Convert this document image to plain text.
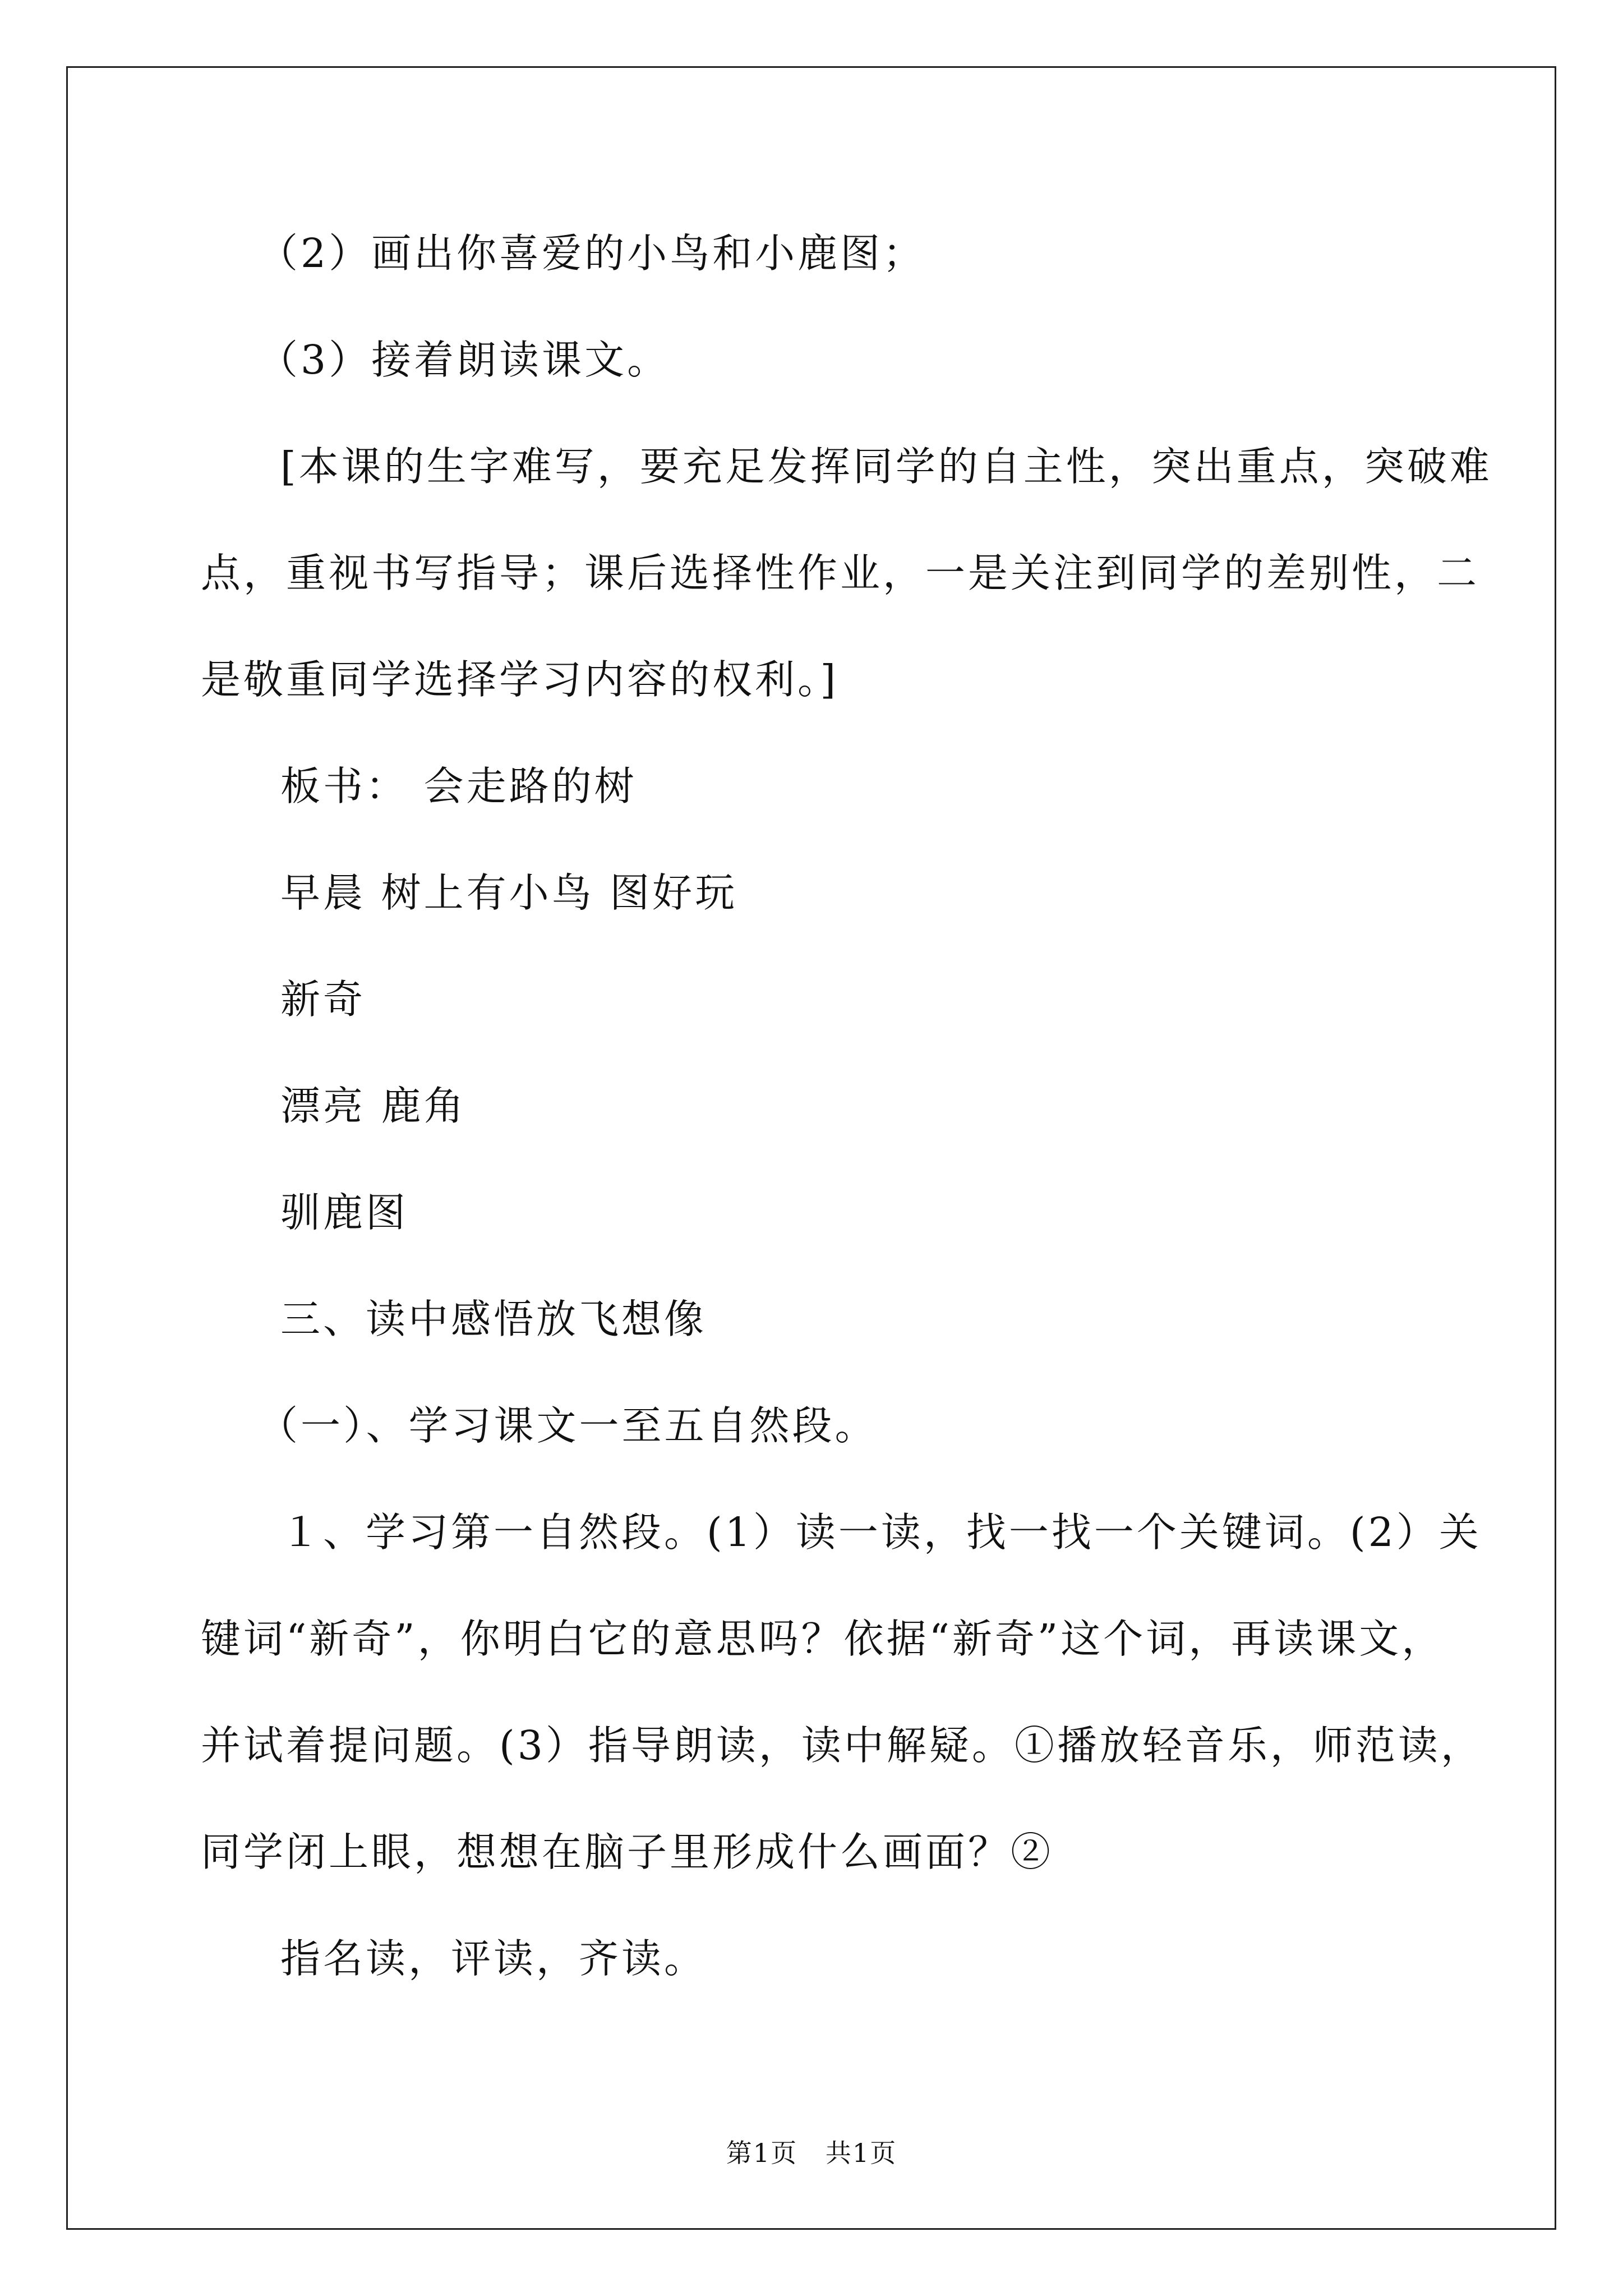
（2）画出你喜爱的小鸟和小鹿图；
（3）接着朗读课文。
[本课的生字难写，要充足发挥同学的自主性，突出重点，突破难
点，重视书写指导；课后选择性作业，一是关注到同学的差别性，二
是敬重同学选择学习内容的权利。]
板书： 会走路的树
早晨 树上有小鸟 图好玩
新奇
漂亮 鹿角
驯鹿图
三、读中感悟放飞想像
（一）、学习课文一至五自然段。
１、学习第一自然段。(1）读一读，找一找一个关键词。(2）关
键词“新奇”，你明白它的意思吗？依据“新奇”这个词，再读课文，
并试着提问题。(3）指导朗读，读中解疑。①播放轻音乐，师范读，
同学闭上眼，想想在脑子里形成什么画面？②
指名读，评读，齐读。
第1页   共1页
